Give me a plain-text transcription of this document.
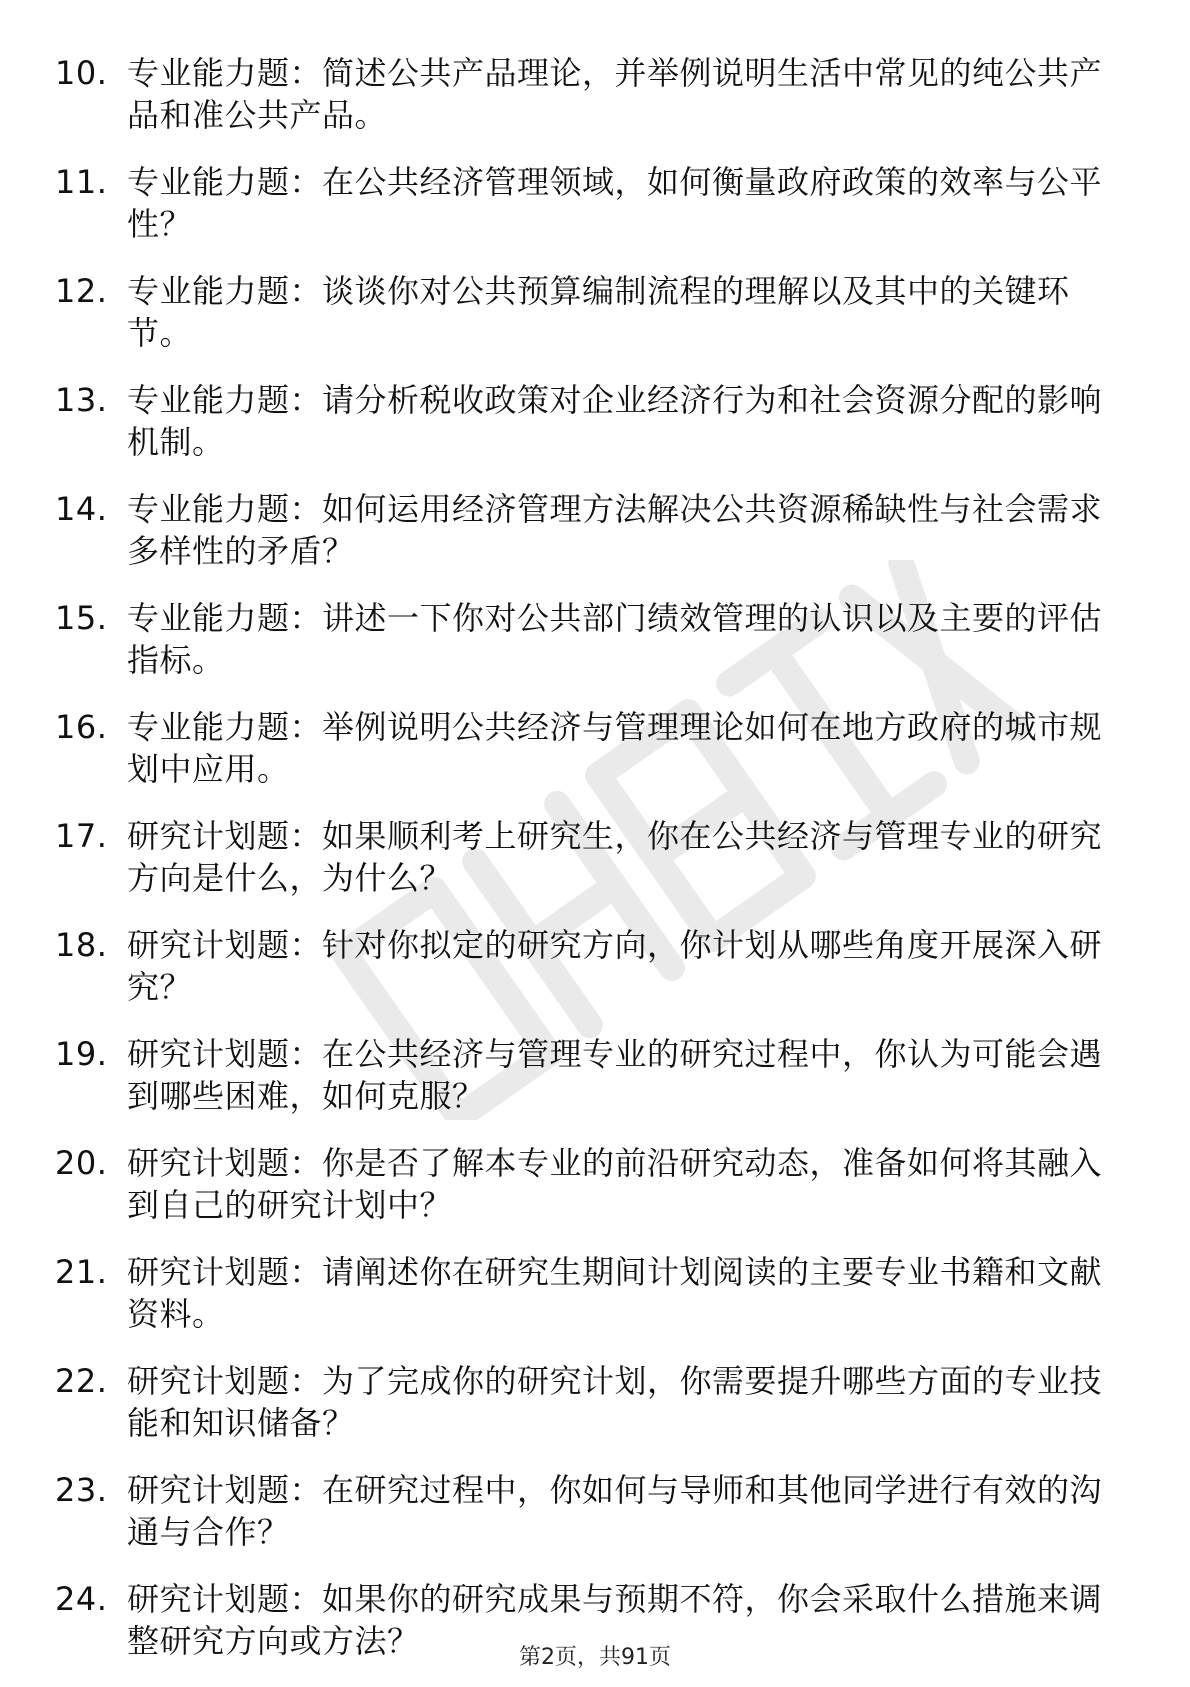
10. 专业能力题：简述公共产品理论，并举例说明生活中常见的纯公共产品和准公共产品。
11. 专业能力题：在公共经济管理领域，如何衡量政府政策的效率与公平性？
12. 专业能力题：谈谈你对公共预算编制流程的理解以及其中的关键环节。
13. 专业能力题：请分析税收政策对企业经济行为和社会资源分配的影响机制。
14. 专业能力题：如何运用经济管理方法解决公共资源稀缺性与社会需求多样性的矛盾？
15. 专业能力题：讲述一下你对公共部门绩效管理的认识以及主要的评估指标。
16. 专业能力题：举例说明公共经济与管理理论如何在地方政府的城市规划中应用。
17. 研究计划题：如果顺利考上研究生，你在公共经济与管理专业的研究方向是什么，为什么？
18. 研究计划题：针对你拟定的研究方向，你计划从哪些角度开展深入研究？
19. 研究计划题：在公共经济与管理专业的研究过程中，你认为可能会遇到哪些困难，如何克服？
20. 研究计划题：你是否了解本专业的前沿研究动态，准备如何将其融入到自己的研究计划中？
21. 研究计划题：请阐述你在研究生期间计划阅读的主要专业书籍和文献资料。
22. 研究计划题：为了完成你的研究计划，你需要提升哪些方面的专业技能和知识储备？
23. 研究计划题：在研究过程中，你如何与导师和其他同学进行有效的沟通与合作？
24. 研究计划题：如果你的研究成果与预期不符，你会采取什么措施来调整研究方向或方法？	第2页，共91页
